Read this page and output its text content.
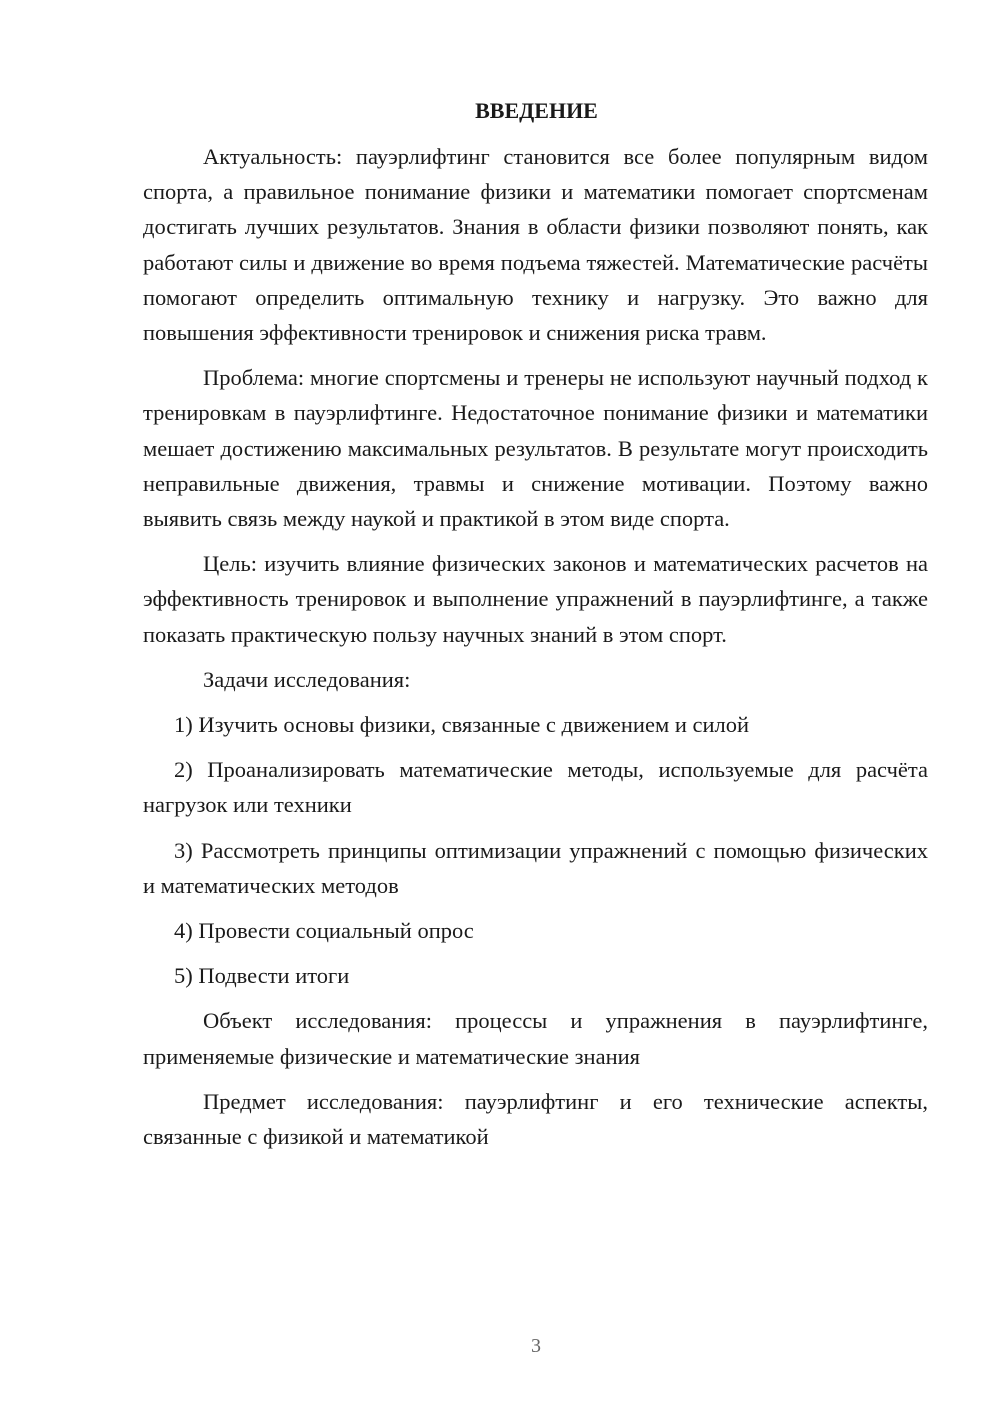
ВВЕДЕНИЕ

Актуальность: пауэрлифтинг становится все более популярным видом спорта, а правильное понимание физики и математики помогает спортсменам достигать лучших результатов. Знания в области физики позволяют понять, как работают силы и движение во время подъема тяжестей. Математические расчёты помогают определить оптимальную технику и нагрузку. Это важно для повышения эффективности тренировок и снижения риска травм.

Проблема: многие спортсмены и тренеры не используют научный подход к тренировкам в пауэрлифтинге. Недостаточное понимание физики и математики мешает достижению максимальных результатов. В результате могут происходить неправильные движения, травмы и снижение мотивации. Поэтому важно выявить связь между наукой и практикой в этом виде спорта.

Цель: изучить влияние физических законов и математических расчетов на эффективность тренировок и выполнение упражнений в пауэрлифтинге, а также показать практическую пользу научных знаний в этом спорт.

Задачи исследования:

1) Изучить основы физики, связанные с движением и силой

2) Проанализировать математические методы, используемые для расчёта нагрузок или техники

3) Рассмотреть принципы оптимизации упражнений с помощью физических и математических методов

4) Провести социальный опрос

5) Подвести итоги

Объект исследования: процессы и упражнения в пауэрлифтинге, применяемые физические и математические знания

Предмет исследования: пауэрлифтинг и его технические аспекты, связанные с физикой и математикой

3
